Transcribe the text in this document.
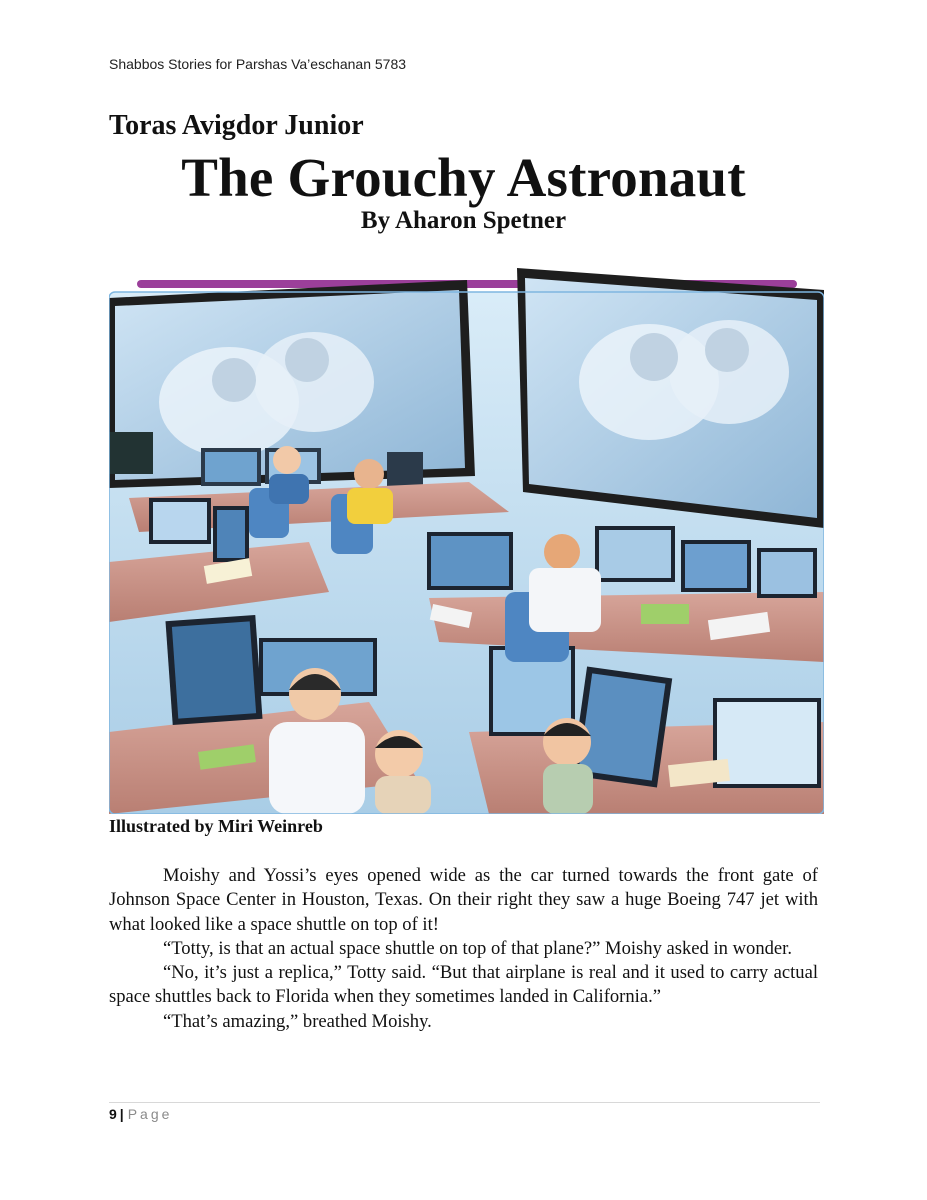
Shabbos Stories for Parshas Va’eschanan 5783
Toras Avigdor Junior
The Grouchy Astronaut
By Aharon Spetner
Illustrated by Miri Weinreb

Moishy and Yossi’s eyes opened wide as the car turned towards the front gate of Johnson Space Center in Houston, Texas. On their right they saw a huge Boeing 747 jet with what looked like a space shuttle on top of it!

“Totty, is that an actual space shuttle on top of that plane?” Moishy asked in wonder.

“No, it’s just a replica,” Totty said. “But that airplane is real and it used to carry actual space shuttles back to Florida when they sometimes landed in California.”

“That’s amazing,” breathed Moishy.

9 | Page
